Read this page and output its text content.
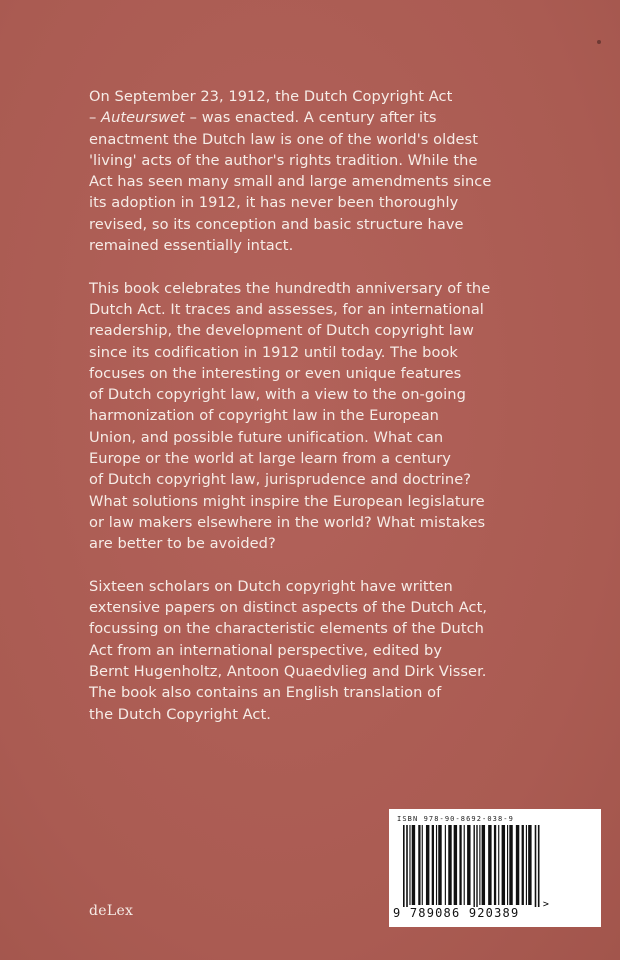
On September 23, 1912, the Dutch Copyright Act
– Auteurswet – was enacted. A century after its
enactment the Dutch law is one of the world's oldest
'living' acts of the author's rights tradition. While the
Act has seen many small and large amendments since
its adoption in 1912, it has never been thoroughly
revised, so its conception and basic structure have
remained essentially intact.

This book celebrates the hundredth anniversary of the
Dutch Act. It traces and assesses, for an international
readership, the development of Dutch copyright law
since its codification in 1912 until today. The book
focuses on the interesting or even unique features
of Dutch copyright law, with a view to the on-going
harmonization of copyright law in the European
Union, and possible future unification. What can
Europe or the world at large learn from a century
of Dutch copyright law, jurisprudence and doctrine?
What solutions might inspire the European legislature
or law makers elsewhere in the world? What mistakes
are better to be avoided?

Sixteen scholars on Dutch copyright have written
extensive papers on distinct aspects of the Dutch Act,
focussing on the characteristic elements of the Dutch
Act from an international perspective, edited by
Bernt Hugenholtz, Antoon Quaedvlieg and Dirk Visser.
The book also contains an English translation of
the Dutch Copyright Act.

deLex
ISBN 978-90-8692-038-9
>
9 789086 920389
